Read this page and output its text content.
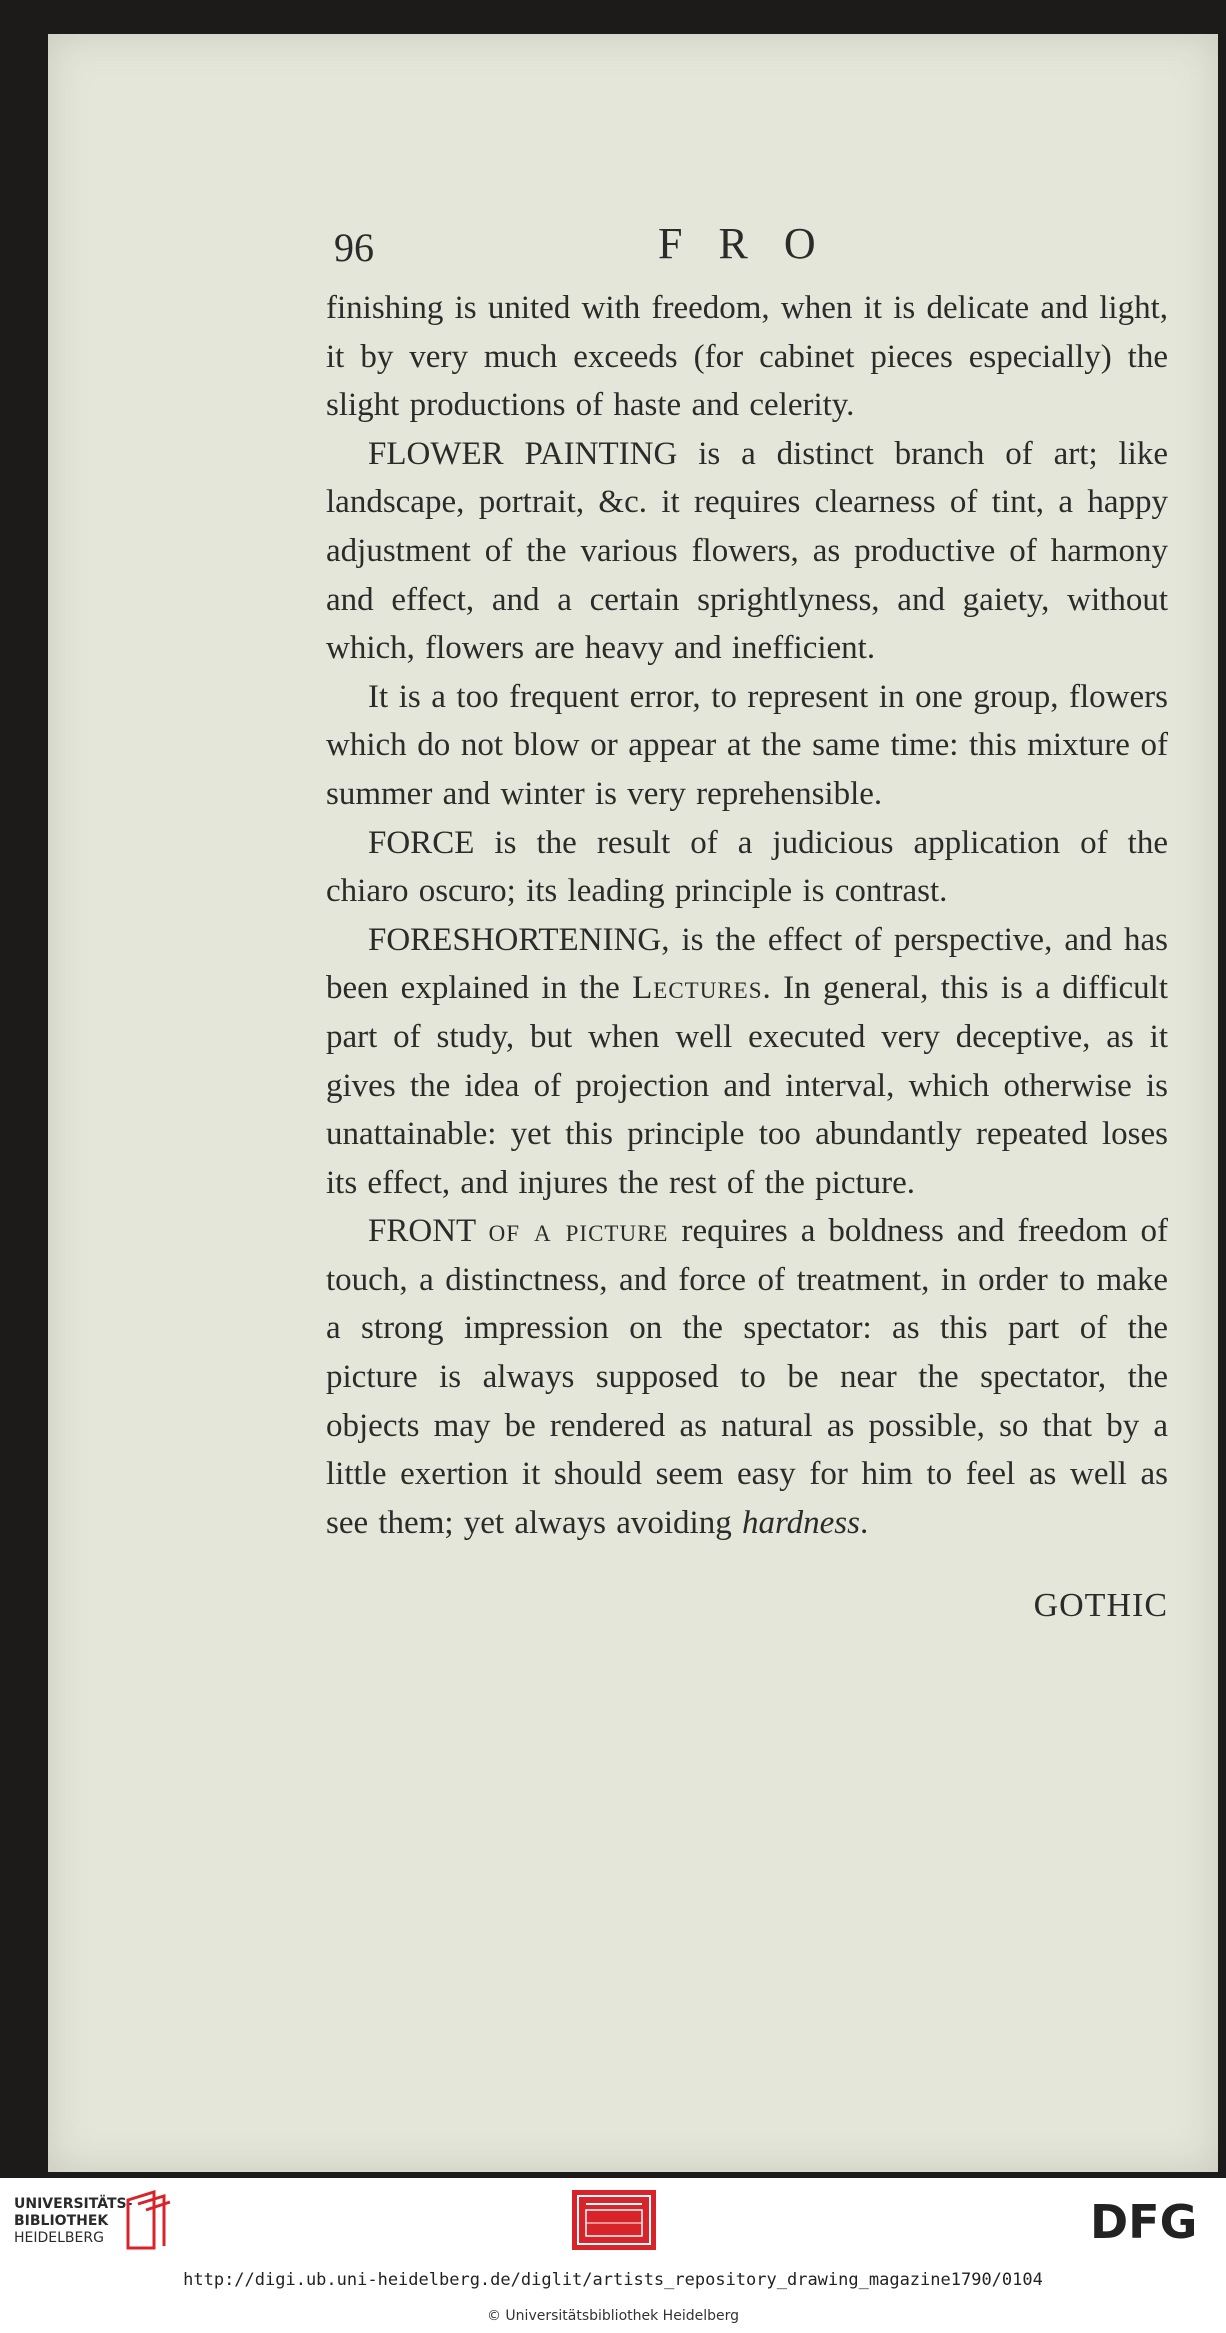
96	FRO

finishing is united with freedom, when it is delicate and light, it by very much exceeds (for cabinet pieces especially) the slight productions of haste and celerity.

FLOWER PAINTING is a distinct branch of art; like landscape, portrait, &c. it requires clearness of tint, a happy adjustment of the various flowers, as productive of harmony and effect, and a certain sprightlyness, and gaiety, without which, flowers are heavy and inefficient.

It is a too frequent error, to represent in one group, flowers which do not blow or appear at the same time: this mixture of summer and winter is very reprehensible.

FORCE is the result of a judicious application of the chiaro oscuro; its leading principle is contrast.

FORESHORTENING, is the effect of perspective, and has been explained in the Lectures. In general, this is a difficult part of study, but when well executed very deceptive, as it gives the idea of projection and interval, which otherwise is unattainable: yet this principle too abundantly repeated loses its effect, and injures the rest of the picture.

FRONT of a picture requires a boldness and freedom of touch, a distinctness, and force of treatment, in order to make a strong impression on the spectator: as this part of the picture is always supposed to be near the spectator, the objects may be rendered as natural as possible, so that by a little exertion it should seem easy for him to feel as well as see them; yet always avoiding hardness.

GOTHIC
UNIVERSITÄTS-
BIBLIOTHEK
HEIDELBERG	DFG
http://digi.ub.uni-heidelberg.de/diglit/artists_repository_drawing_magazine1790/0104
© Universitätsbibliothek Heidelberg
